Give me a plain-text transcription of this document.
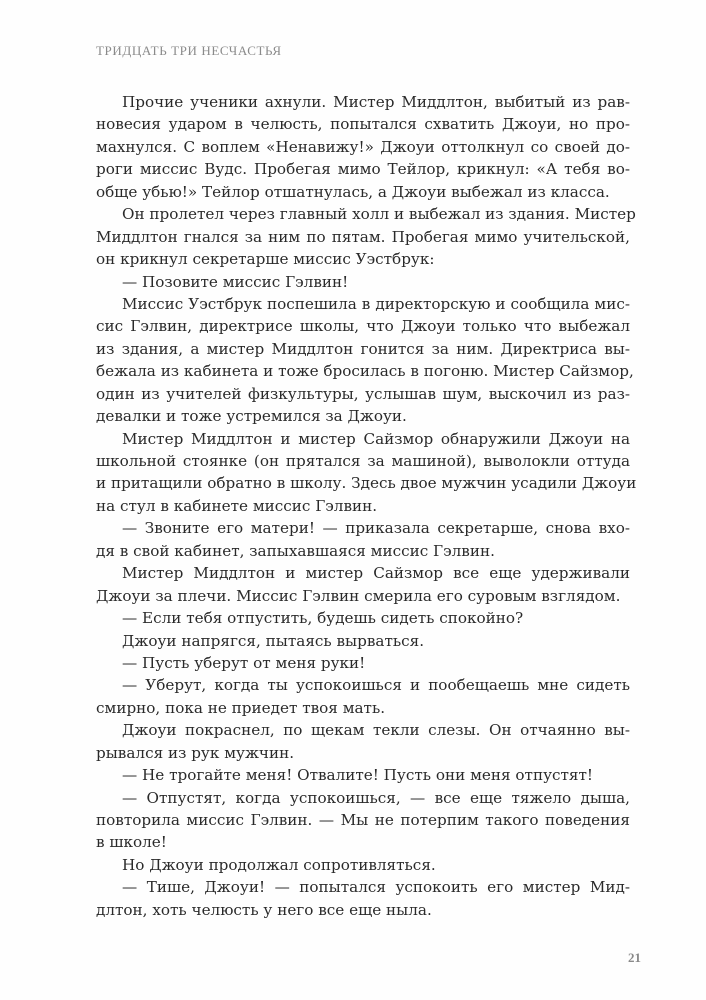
ТРИДЦАТЬ ТРИ НЕСЧАСТЬЯ
Прочие ученики ахнули. Мистер Миддлтон, выбитый из рав-
новесия ударом в челюсть, попытался схватить Джоуи, но про-
махнулся. С воплем «Ненавижу!» Джоуи оттолкнул со своей до-
роги миссис Вудс. Пробегая мимо Тейлор, крикнул: «А тебя во-
обще убью!» Тейлор отшатнулась, а Джоуи выбежал из класса.
Он пролетел через главный холл и выбежал из здания. Мистер
Миддлтон гнался за ним по пятам. Пробегая мимо учительской,
он крикнул секретарше миссис Уэстбрук:
— Позовите миссис Гэлвин!
Миссис Уэстбрук поспешила в директорскую и сообщила мис-
сис Гэлвин, директрисе школы, что Джоуи только что выбежал
из здания, а мистер Миддлтон гонится за ним. Директриса вы-
бежала из кабинета и тоже бросилась в погоню. Мистер Сайзмор,
один из учителей физкультуры, услышав шум, выскочил из раз-
девалки и тоже устремился за Джоуи.
Мистер Миддлтон и мистер Сайзмор обнаружили Джоуи на
школьной стоянке (он прятался за машиной), выволокли оттуда
и притащили обратно в школу. Здесь двое мужчин усадили Джоуи
на стул в кабинете миссис Гэлвин.
— Звоните его матери! — приказала секретарше, снова вхо-
дя в свой кабинет, запыхавшаяся миссис Гэлвин.
Мистер Миддлтон и мистер Сайзмор все еще удерживали
Джоуи за плечи. Миссис Гэлвин смерила его суровым взглядом.
— Если тебя отпустить, будешь сидеть спокойно?
Джоуи напрягся, пытаясь вырваться.
— Пусть уберут от меня руки!
— Уберут, когда ты успокоишься и пообещаешь мне сидеть
смирно, пока не приедет твоя мать.
Джоуи покраснел, по щекам текли слезы. Он отчаянно вы-
рывался из рук мужчин.
— Не трогайте меня! Отвалите! Пусть они меня отпустят!
— Отпустят, когда успокоишься, — все еще тяжело дыша,
повторила миссис Гэлвин. — Мы не потерпим такого поведения
в школе!
Но Джоуи продолжал сопротивляться.
— Тише, Джоуи! — попытался успокоить его мистер Мид-
длтон, хоть челюсть у него все еще ныла.
21
